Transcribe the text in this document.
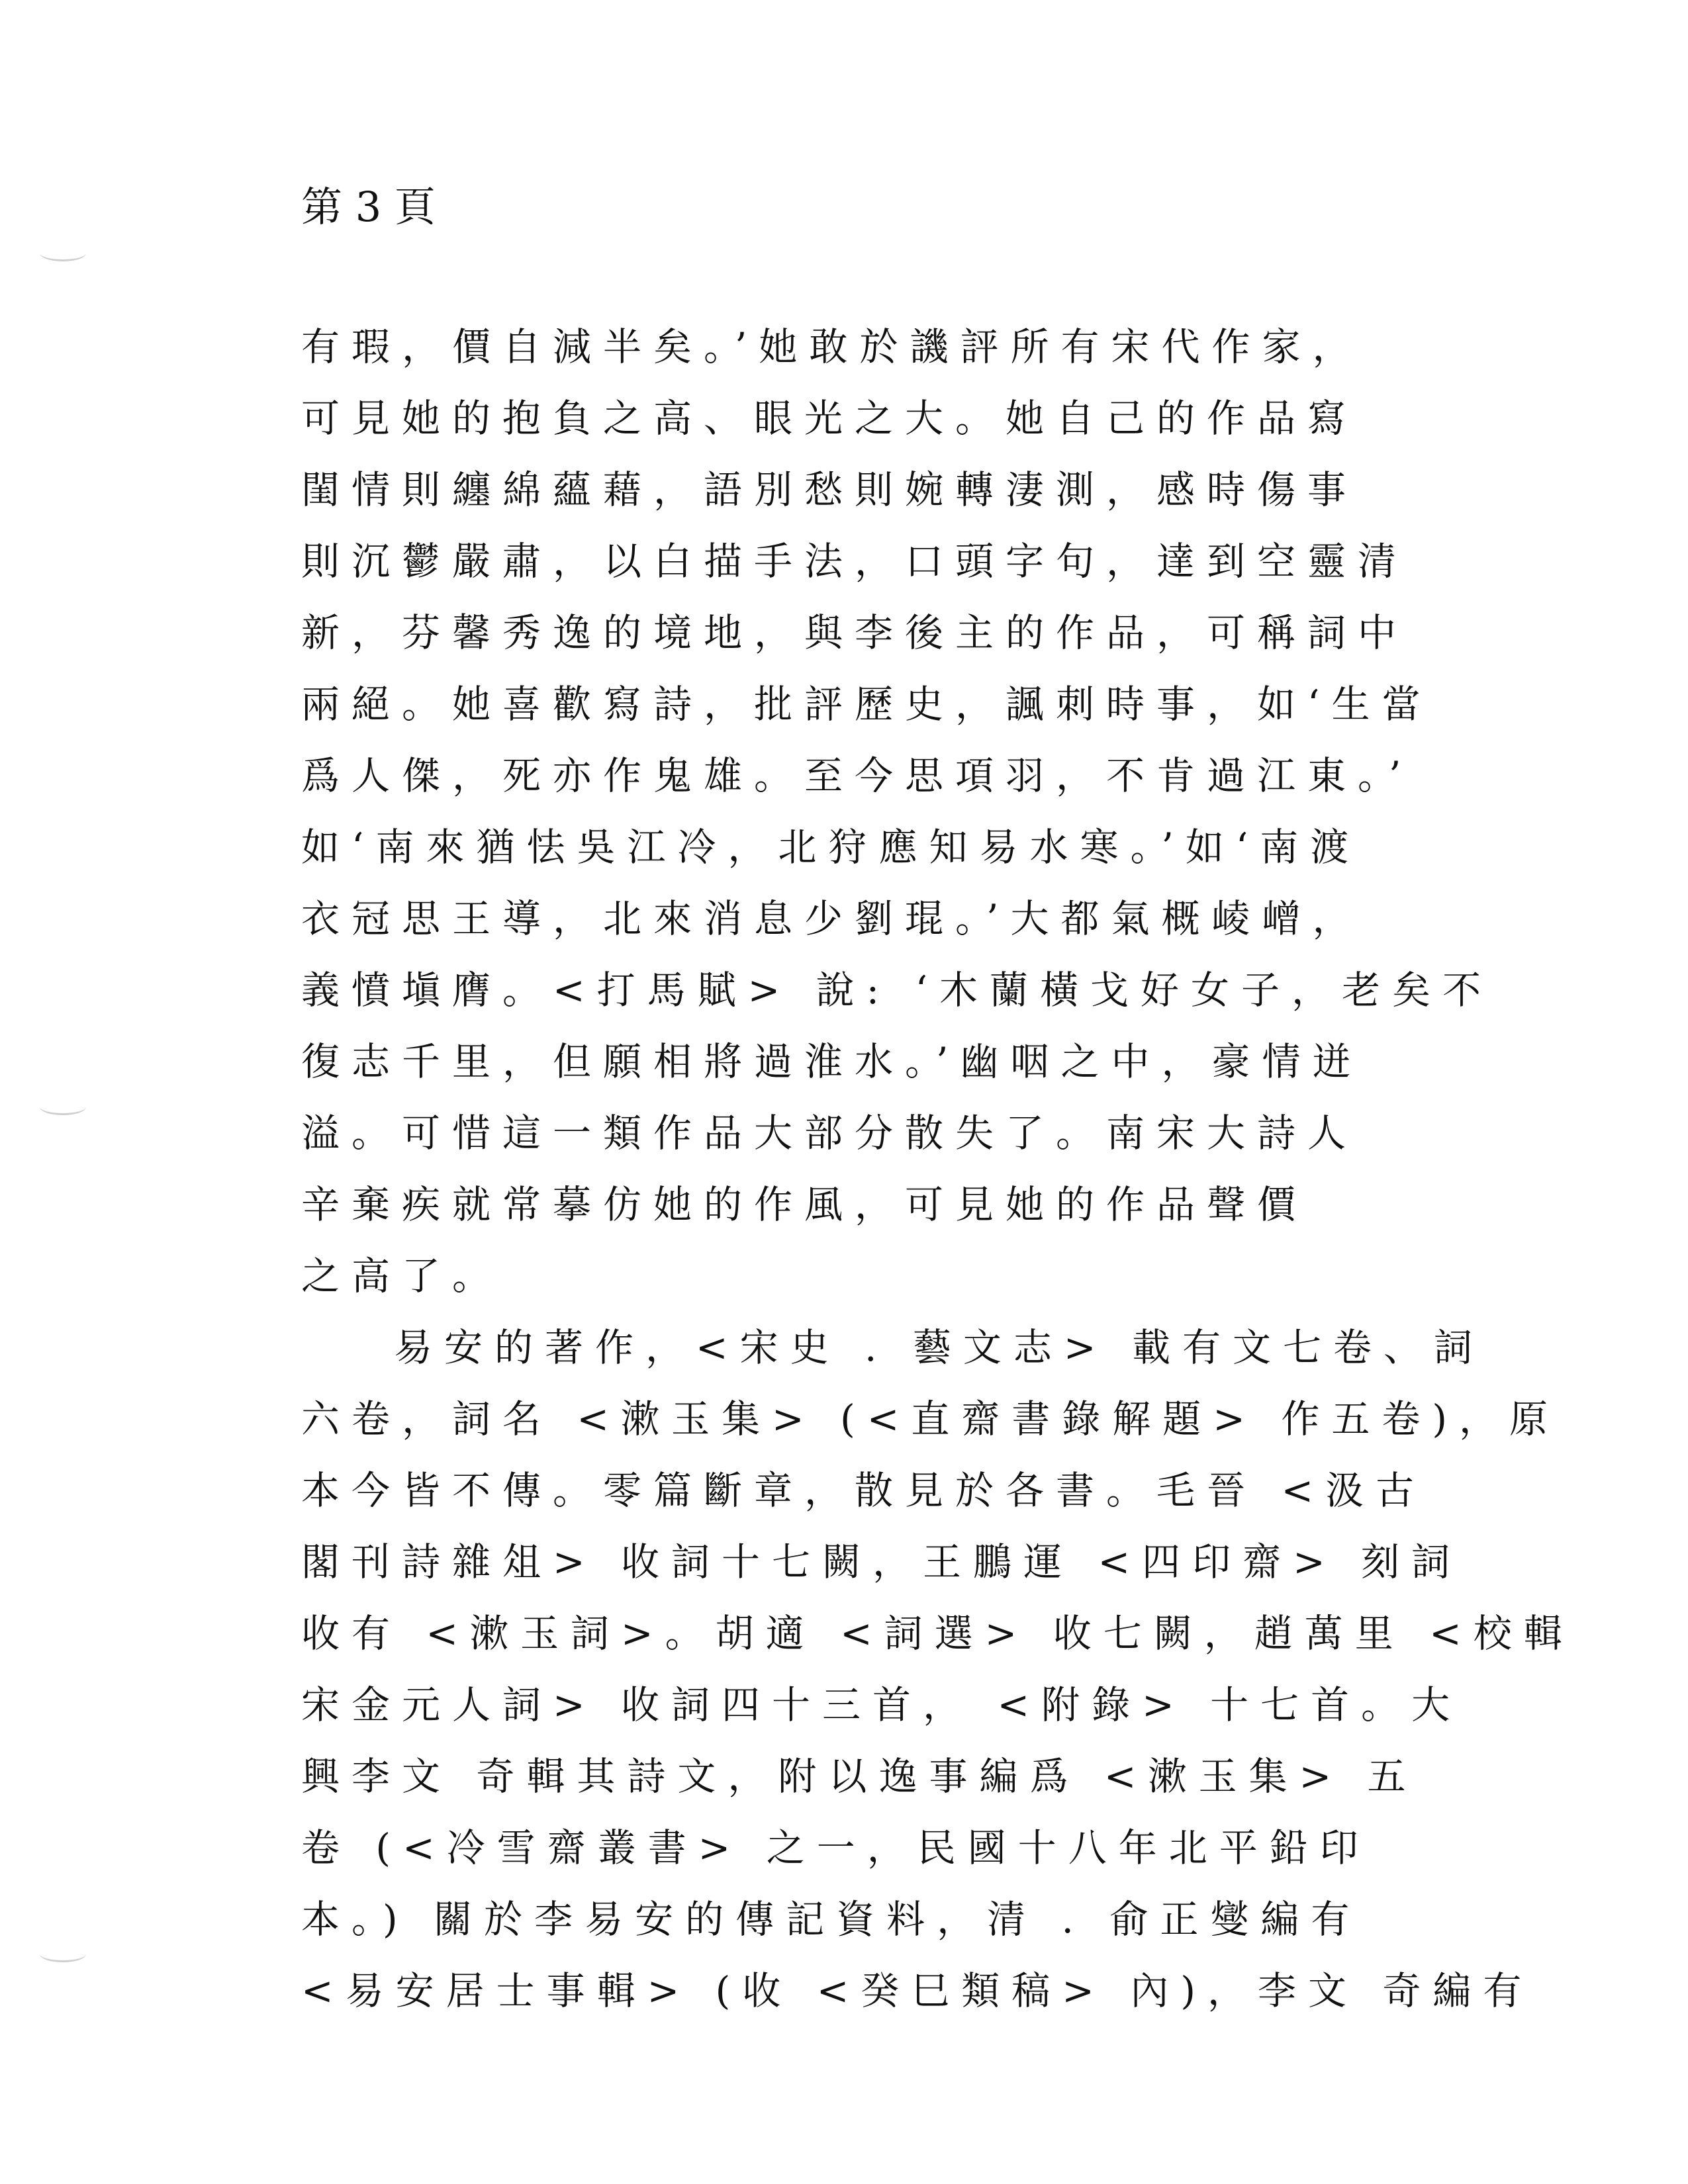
第 3 頁
有瑕，價自減半矣。’她敢於譏評所有宋代作家，
可見她的抱負之高、眼光之大。她自己的作品寫
閨情則纏綿蘊藉，語別愁則婉轉淒測，感時傷事
則沉鬱嚴肅，以白描手法，口頭字句，達到空靈清
新，芬馨秀逸的境地，與李後主的作品，可稱詞中
兩絕。她喜歡寫詩，批評歷史，諷刺時事，如‘生當
爲人傑，死亦作鬼雄。至今思項羽，不肯過江東。’
如‘南來猶怯吳江冷，北狩應知易水寒。’如‘南渡
衣冠思王導，北來消息少劉琨。’大都氣概崚嶒，
義憤塡膺。<打馬賦> 說: ‘木蘭橫戈好女子，老矣不
復志千里，但願相將過淮水。’幽咽之中，豪情迸
溢。可惜這一類作品大部分散失了。南宋大詩人
辛棄疾就常摹仿她的作風，可見她的作品聲價
之高了。
易安的著作，<宋史 . 藝文志> 載有文七卷、詞
六卷，詞名 <漱玉集> (<直齋書錄解題> 作五卷)，原
本今皆不傳。零篇斷章，散見於各書。毛晉 <汲古
閣刊詩雜俎> 收詞十七闕，王鵬運 <四印齋> 刻詞
收有 <漱玉詞>。胡適 <詞選> 收七闕，趙萬里 <校輯
宋金元人詞> 收詞四十三首， <附錄> 十七首。大
興李文 奇輯其詩文，附以逸事編爲 <漱玉集> 五
卷 (<冷雪齋叢書> 之一，民國十八年北平鉛印
本。) 關於李易安的傳記資料，清 . 俞正燮編有
<易安居士事輯> (收 <癸巳類稿> 內)，李文 奇編有
